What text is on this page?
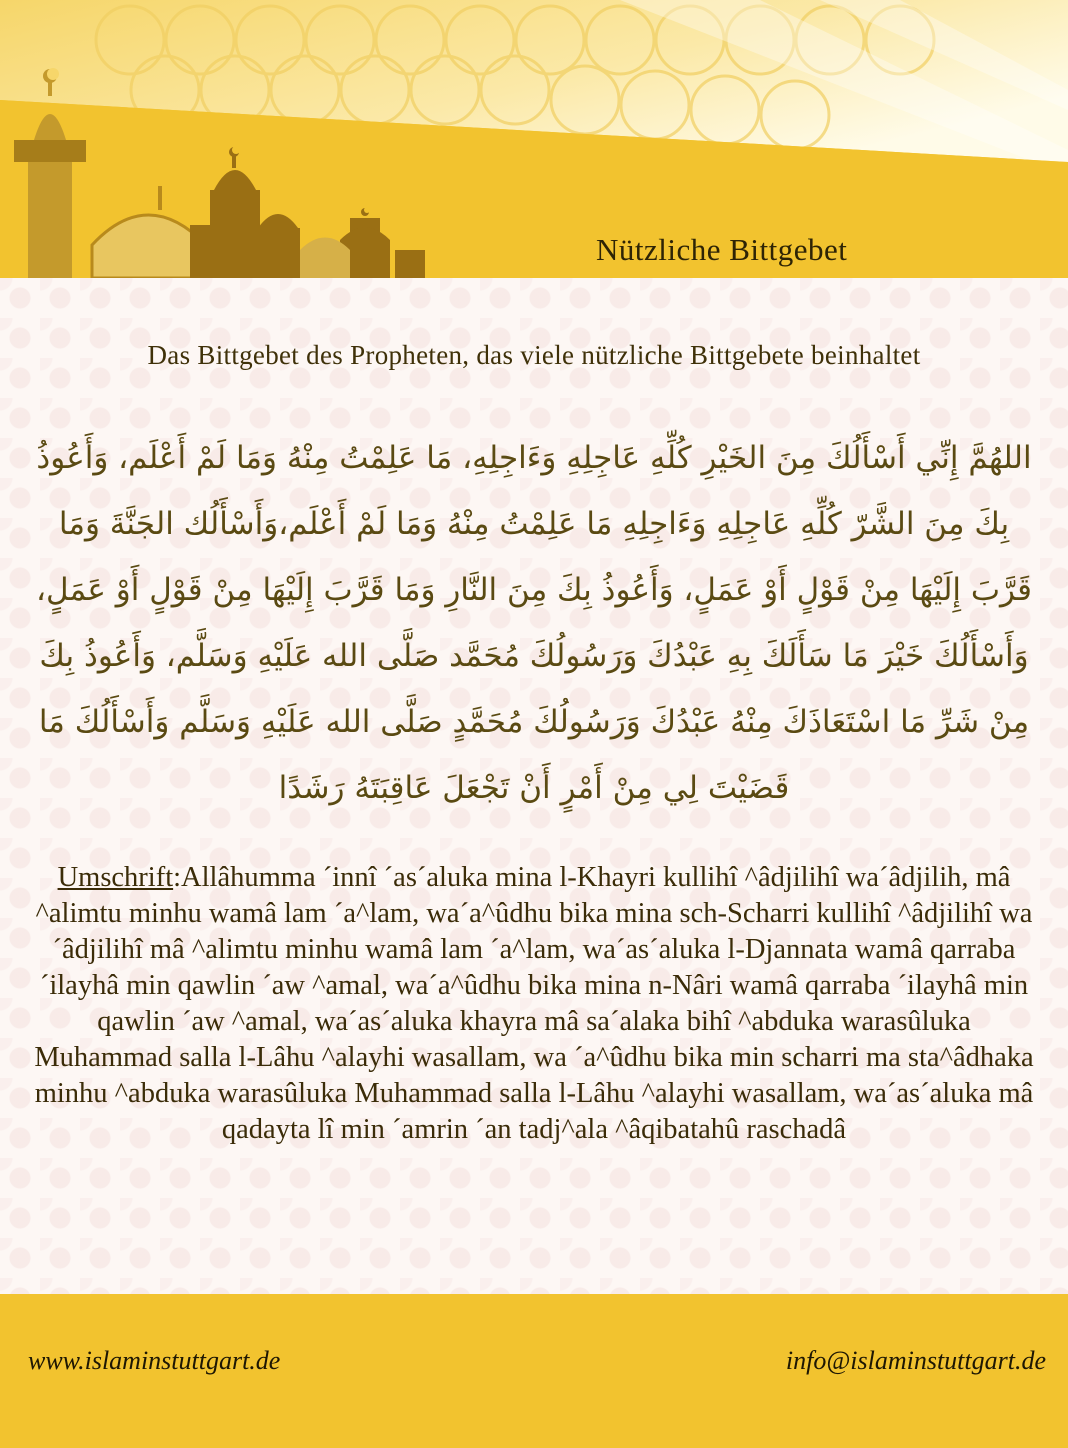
Nützliche Bittgebet
Das Bittgebet des Propheten, das viele nützliche Bittgebete beinhaltet
اللهُمَّ إِنِّي أَسْأَلُكَ مِنَ الخَيْرِ كُلِّهِ عَاجِلِهِ وَءَاجِلِهِ، مَا عَلِمْتُ مِنْهُ وَمَا لَمْ أَعْلَم، وَأَعُوذُ بِكَ مِنَ الشَّرّ كُلِّهِ عَاجِلِهِ وَءَاجِلِهِ مَا عَلِمْتُ مِنْهُ وَمَا لَمْ أَعْلَم،وَأَسْأَلُك الجَنَّةَ وَمَا قَرَّبَ إِلَيْهَا مِنْ قَوْلٍ أَوْ عَمَلٍ، وَأَعُوذُ بِكَ مِنَ النَّارِ وَمَا قَرَّبَ إِلَيْهَا مِنْ قَوْلٍ أَوْ عَمَلٍ، وَأَسْأَلُكَ خَيْرَ مَا سَأَلَكَ بِهِ عَبْدُكَ وَرَسُولُكَ مُحَمَّد صَلَّى الله عَلَيْهِ وَسَلَّم، وَأَعُوذُ بِكَ مِنْ شَرِّ مَا اسْتَعَاذَكَ مِنْهُ عَبْدُكَ وَرَسُولُكَ مُحَمَّدٍ صَلَّى الله عَلَيْهِ وَسَلَّم وَأَسْأَلُكَ مَا قَضَيْتَ لِي مِنْ أَمْرٍ أَنْ تَجْعَلَ عَاقِبَتَهُ رَشَدًا
Umschrift:Allâhumma ´innî ´as´aluka mina l-Khayri kullihî ^âdjilihî wa´âdjilih, mâ ^alimtu minhu wamâ lam ´a^lam, wa´a^ûdhu bika mina sch-Scharri kullihî ^âdjilihî wa´âdjilihî mâ ^alimtu minhu wamâ lam ´a^lam, wa´as´aluka l-Djannata wamâ qarraba ´ilayhâ min qawlin ´aw ^amal, wa´a^ûdhu bika mina n-Nâri wamâ qarraba ´ilayhâ min qawlin ´aw ^amal, wa´as´aluka khayra mâ sa´alaka bihî ^abduka warasûluka Muhammad salla l-Lâhu ^alayhi wasallam, wa ´a^ûdhu bika min scharri ma sta^âdhaka minhu ^abduka warasûluka Muhammad salla l-Lâhu ^alayhi wasallam, wa´as´aluka mâ qadayta lî min ´amrin ´an tadj^ala ^âqibatahû raschadâ
www.islaminstuttgart.de	info@islaminstuttgart.de
